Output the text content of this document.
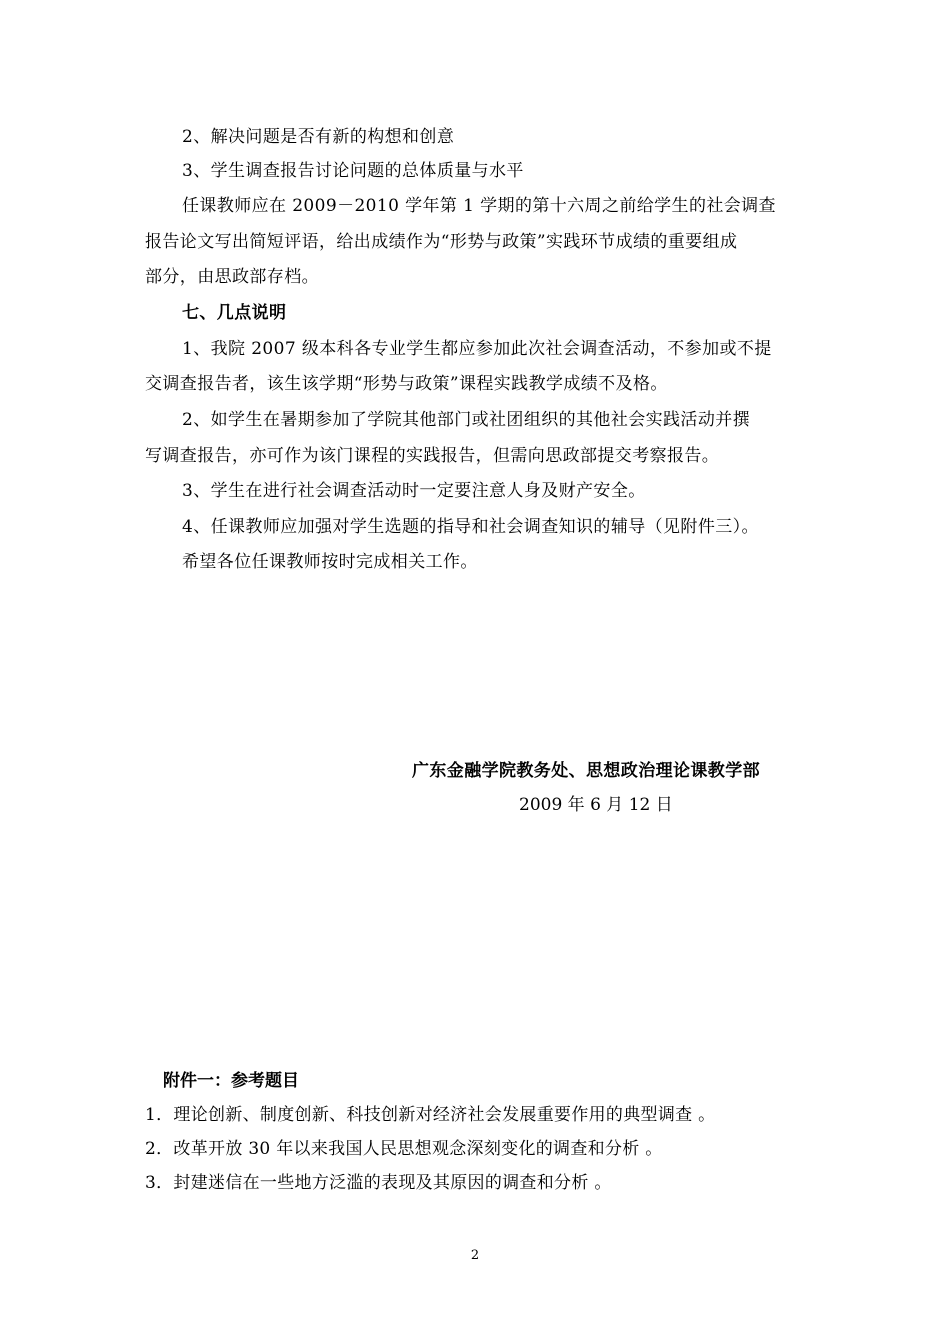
2、解决问题是否有新的构想和创意
3、学生调查报告讨论问题的总体质量与水平
任课教师应在 2009－2010 学年第 1 学期的第十六周之前给学生的社会调查
报告论文写出简短评语，给出成绩作为“形势与政策”实践环节成绩的重要组成
部分，由思政部存档。
七、几点说明
1、我院 2007 级本科各专业学生都应参加此次社会调查活动，不参加或不提
交调查报告者，该生该学期“形势与政策”课程实践教学成绩不及格。
2、如学生在暑期参加了学院其他部门或社团组织的其他社会实践活动并撰
写调查报告，亦可作为该门课程的实践报告，但需向思政部提交考察报告。
3、学生在进行社会调查活动时一定要注意人身及财产安全。
4、任课教师应加强对学生选题的指导和社会调查知识的辅导（见附件三）。
希望各位任课教师按时完成相关工作。
广东金融学院教务处、思想政治理论课教学部
2009 年 6 月 12 日
附件一：参考题目
1．理论创新、制度创新、科技创新对经济社会发展重要作用的典型调查 。
2．改革开放 30 年以来我国人民思想观念深刻变化的调查和分析 。
3．封建迷信在一些地方泛滥的表现及其原因的调查和分析 。
2
